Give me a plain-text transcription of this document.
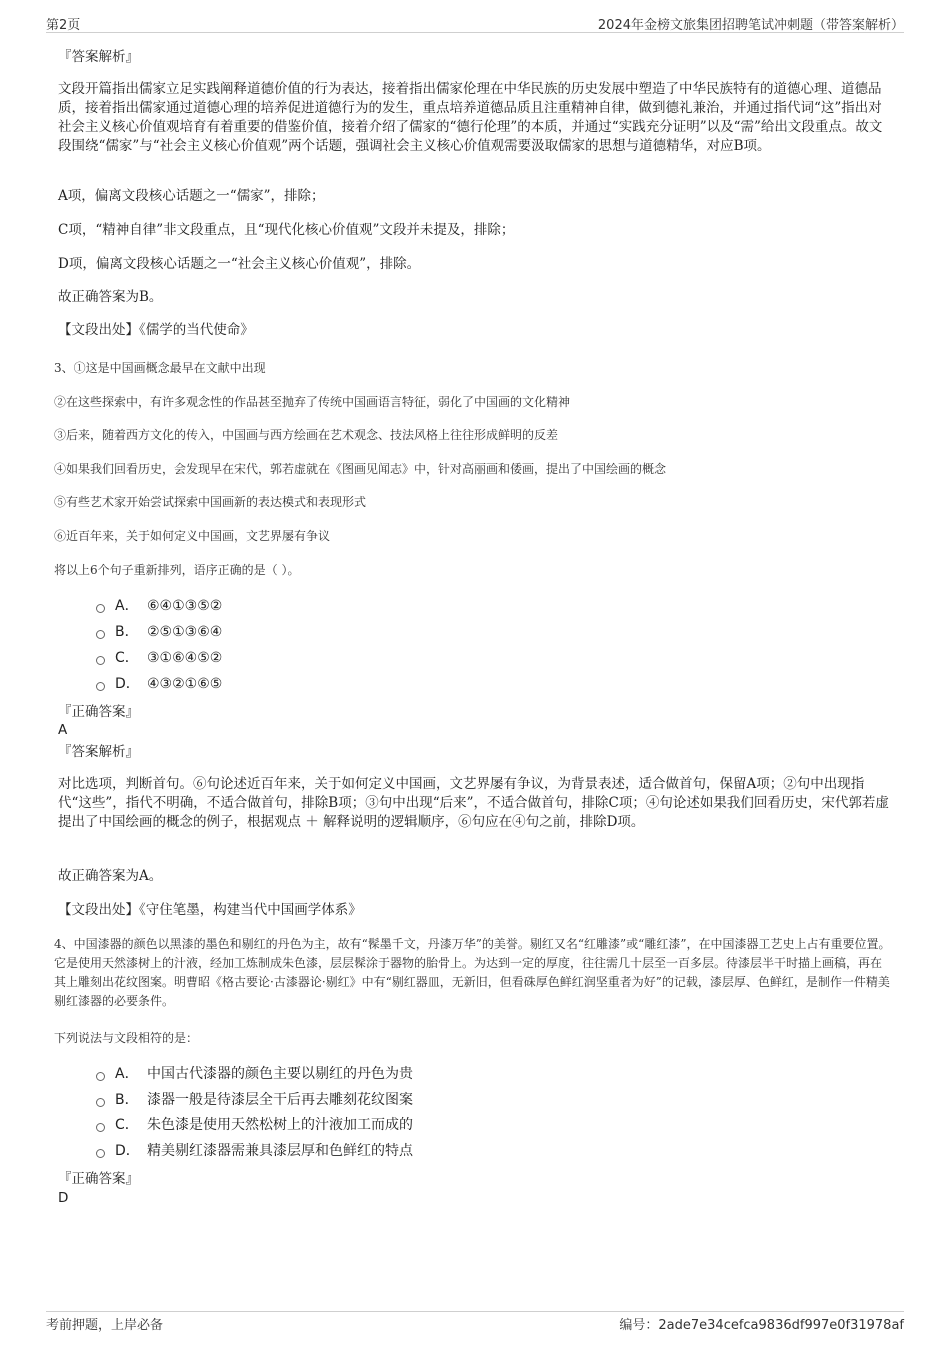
第2页	2024年金榜文旅集团招聘笔试冲刺题（带答案解析）
『答案解析』
文段开篇指出儒家立足实践阐释道德价值的行为表达，接着指出儒家伦理在中华民族的历史发展中塑造了中华民族特有的道德心理、道德品质，接着指出儒家通过道德心理的培养促进道德行为的发生，重点培养道德品质且注重精神自律，做到德礼兼治，并通过指代词“这”指出对社会主义核心价值观培育有着重要的借鉴价值，接着介绍了儒家的“德行伦理”的本质，并通过“实践充分证明”以及“需”给出文段重点。故文段围绕“儒家”与“社会主义核心价值观”两个话题，强调社会主义核心价值观需要汲取儒家的思想与道德精华，对应B项。
A项，偏离文段核心话题之一“儒家”，排除；
C项，“精神自律”非文段重点，且“现代化核心价值观”文段并未提及，排除；
D项，偏离文段核心话题之一“社会主义核心价值观”，排除。
故正确答案为B。
【文段出处】《儒学的当代使命》
3、①这是中国画概念最早在文献中出现
②在这些探索中，有许多观念性的作品甚至抛弃了传统中国画语言特征，弱化了中国画的文化精神
③后来，随着西方文化的传入，中国画与西方绘画在艺术观念、技法风格上往往形成鲜明的反差
④如果我们回看历史，会发现早在宋代，郭若虚就在《图画见闻志》中，针对高丽画和倭画，提出了中国绘画的概念
⑤有些艺术家开始尝试探索中国画新的表达模式和表现形式
⑥近百年来，关于如何定义中国画，文艺界屡有争议
将以上6个句子重新排列，语序正确的是（ ）。
A． ⑥④①③⑤②
B． ②⑤①③⑥④
C． ③①⑥④⑤②
D． ④③②①⑥⑤
『正确答案』
A
『答案解析』
对比选项，判断首句。⑥句论述近百年来，关于如何定义中国画，文艺界屡有争议，为背景表述，适合做首句，保留A项；②句中出现指代“这些”，指代不明确，不适合做首句，排除B项；③句中出现“后来”，不适合做首句，排除C项；④句论述如果我们回看历史，宋代郭若虚提出了中国绘画的概念的例子，根据观点 ＋ 解释说明的逻辑顺序，⑥句应在④句之前，排除D项。
故正确答案为A。
【文段出处】《守住笔墨，构建当代中国画学体系》
4、中国漆器的颜色以黑漆的墨色和剔红的丹色为主，故有“髹墨千文，丹漆万华”的美誉。剔红又名“红雕漆”或“雕红漆”，在中国漆器工艺史上占有重要位置。它是使用天然漆树上的汁液，经加工炼制成朱色漆，层层髹涂于器物的胎骨上。为达到一定的厚度，往往需几十层至一百多层。待漆层半干时描上画稿，再在其上雕刻出花纹图案。明曹昭《格古要论·古漆器论·剔红》中有“剔红器皿，无新旧，但看硃厚色鲜红润坚重者为好”的记载，漆层厚、色鲜红，是制作一件精美剔红漆器的必要条件。
下列说法与文段相符的是：
A． 中国古代漆器的颜色主要以剔红的丹色为贵
B． 漆器一般是待漆层全干后再去雕刻花纹图案
C． 朱色漆是使用天然松树上的汁液加工而成的
D． 精美剔红漆器需兼具漆层厚和色鲜红的特点
『正确答案』
D
考前押题，上岸必备	编号：2ade7e34cefca9836df997e0f31978af
